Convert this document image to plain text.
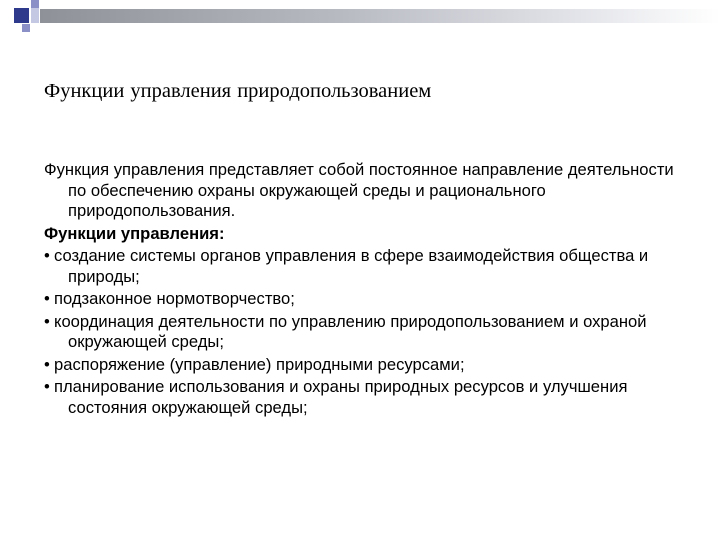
Функции управления природопользованием

Функция управления представляет собой постоянное направление деятельности по обеспечению охраны окружающей среды и рационального природопользования.

Функции управления:

• создание системы органов управления в сфере взаимодействия общества и природы;

• подзаконное нормотворчество;

• координация деятельности по управлению природопользованием и охраной окружающей среды;

• распоряжение (управление) природными ресурсами;

• планирование использования и охраны природных ресурсов и улучшения состояния окружающей среды;
